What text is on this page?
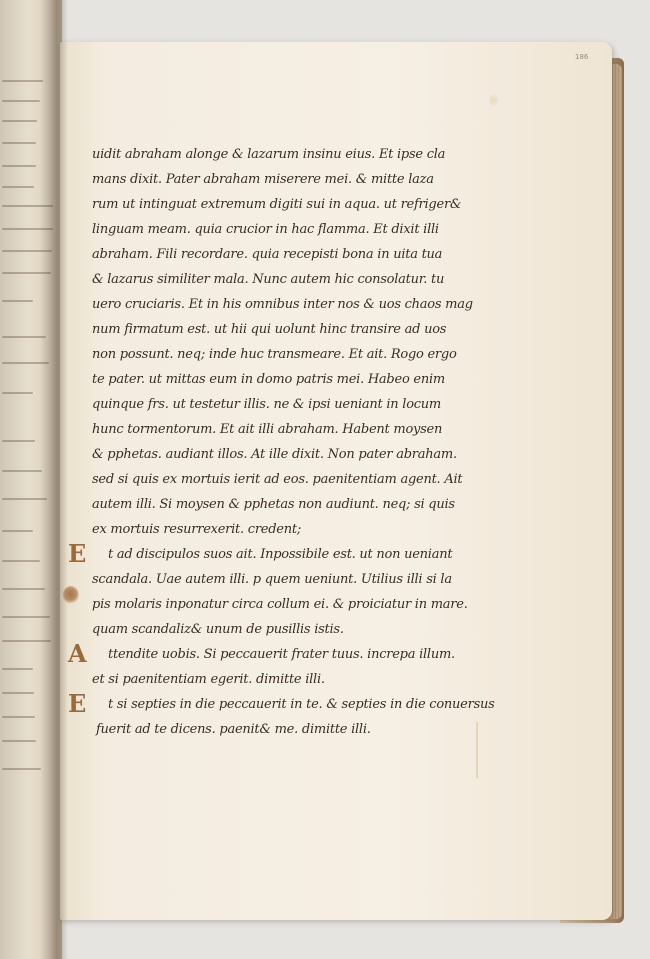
186
uidit abraham alonge & lazarum insinu eius. Et ipse cla
mans dixit. Pater abraham miserere mei. & mitte laza
rum ut intinguat extremum digiti sui in aqua. ut refriger&
linguam meam. quia crucior in hac flamma. Et dixit illi
abraham. Fili recordare. quia recepisti bona in uita tua
& lazarus similiter mala. Nunc autem hic consolatur. tu
uero cruciaris. Et in his omnibus inter nos & uos chaos mag
num firmatum est. ut hii qui uolunt hinc transire ad uos
non possunt. neq; inde huc transmeare. Et ait. Rogo ergo
te pater. ut mittas eum in domo patris mei. Habeo enim
quinque frs. ut testetur illis. ne & ipsi ueniant in locum
hunc tormentorum. Et ait illi abraham. Habent moysen
& pphetas. audiant illos. At ille dixit. Non pater abraham.
sed si quis ex mortuis ierit ad eos. paenitentiam agent. Ait
autem illi. Si moysen & pphetas non audiunt. neq; si quis
ex mortuis resurrexerit. credent;
t ad discipulos suos ait. Inpossibile est. ut non ueniant
scandala. Uae autem illi. p quem ueniunt. Utilius illi si la
pis molaris inponatur circa collum ei. & proiciatur in mare.
quam scandaliz& unum de pusillis istis.
ttendite uobis. Si peccauerit frater tuus. increpa illum.
et si paenitentiam egerit. dimitte illi.
t si septies in die peccauerit in te. & septies in die conuersus
fuerit ad te dicens. paenit& me. dimitte illi.
E
A
E
